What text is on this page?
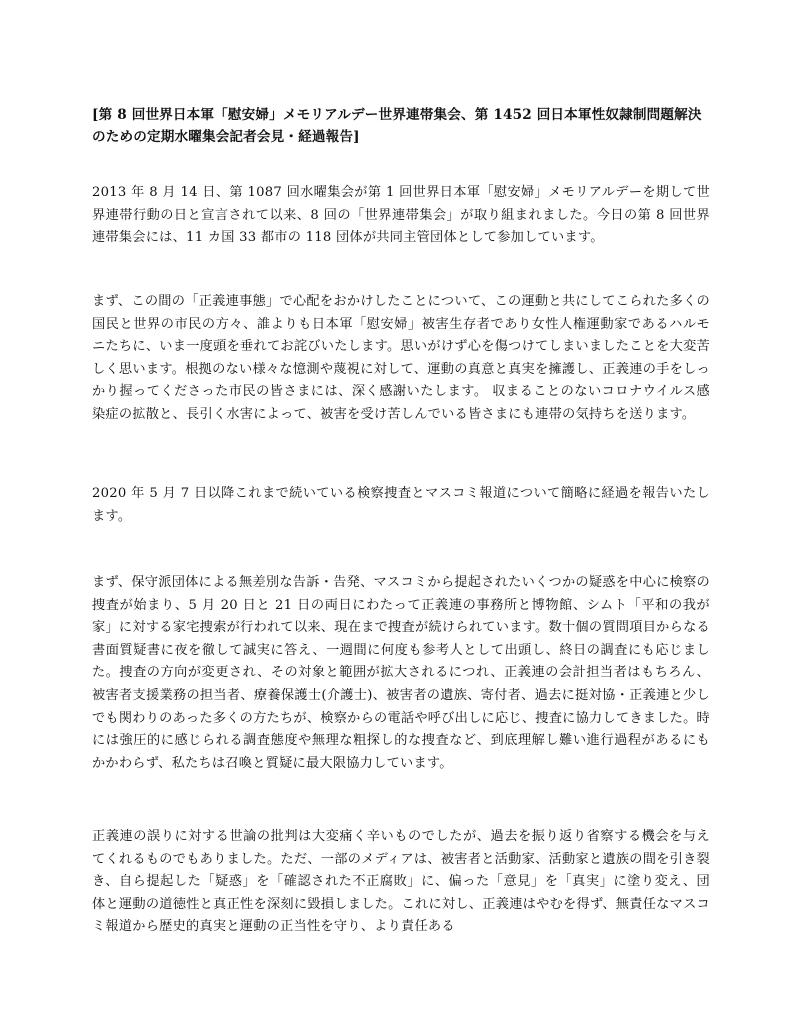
[第 8 回世界日本軍「慰安婦」メモリアルデー世界連帯集会、第 1452 回日本軍性奴隷制問題解決のための定期水曜集会記者会見・経過報告]

2013 年 8 月 14 日、第 1087 回水曜集会が第 1 回世界日本軍「慰安婦」メモリアルデーを期して世界連帯行動の日と宣言されて以来、8 回の「世界連帯集会」が取り組まれました。今日の第 8 回世界連帯集会には、11 カ国 33 都市の 118 団体が共同主管団体として参加しています。

まず、この間の「正義連事態」で心配をおかけしたことについて、この運動と共にしてこられた多くの国民と世界の市民の方々、誰よりも日本軍「慰安婦」被害生存者であり女性人権運動家であるハルモニたちに、いま一度頭を垂れてお詫びいたします。思いがけず心を傷つけてしまいましたことを大変苦しく思います。根拠のない様々な憶測や蔑視に対して、運動の真意と真実を擁護し、正義連の手をしっかり握ってくださった市民の皆さまには、深く感謝いたします。 収まることのないコロナウイルス感染症の拡散と、長引く水害によって、被害を受け苦しんでいる皆さまにも連帯の気持ちを送ります。

2020 年 5 月 7 日以降これまで続いている検察捜査とマスコミ報道について簡略に経過を報告いたします。

まず、保守派団体による無差別な告訴・告発、マスコミから提起されたいくつかの疑惑を中心に検察の捜査が始まり、5 月 20 日と 21 日の両日にわたって正義連の事務所と博物館、シムト「平和の我が家」に対する家宅捜索が行われて以来、現在まで捜査が続けられています。数十個の質問項目からなる書面質疑書に夜を徹して誠実に答え、一週間に何度も参考人として出頭し、終日の調査にも応じました。捜査の方向が変更され、その対象と範囲が拡大されるにつれ、正義連の会計担当者はもちろん、被害者支援業務の担当者、療養保護士(介護士)、被害者の遺族、寄付者、過去に挺対協・正義連と少しでも関わりのあった多くの方たちが、検察からの電話や呼び出しに応じ、捜査に協力してきました。時には強圧的に感じられる調査態度や無理な粗探し的な捜査など、到底理解し難い進行過程があるにもかかわらず、私たちは召喚と質疑に最大限協力しています。

正義連の誤りに対する世論の批判は大変痛く辛いものでしたが、過去を振り返り省察する機会を与えてくれるものでもありました。ただ、一部のメディアは、被害者と活動家、活動家と遺族の間を引き裂き、自ら提起した「疑惑」を「確認された不正腐敗」に、偏った「意見」を「真実」に塗り変え、団体と運動の道徳性と真正性を深刻に毀損しました。これに対し、正義連はやむを得ず、無責任なマスコミ報道から歴史的真実と運動の正当性を守り、より責任ある
